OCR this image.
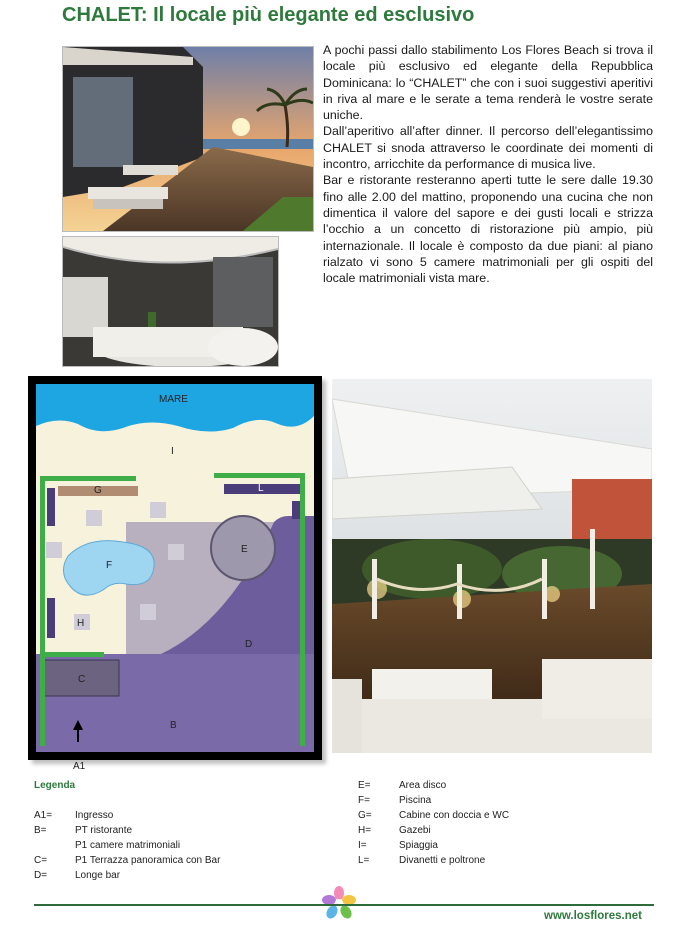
CHALET: Il locale più elegante ed esclusivo

A pochi passi dallo stabilimento Los Flores Beach si trova il locale più esclusivo ed elegante della Repubblica Dominicana: lo “CHALET” che con i suoi suggestivi aperitivi in riva al mare e le serate a tema renderà le vostre serate uniche.

Dall’aperitivo all’after dinner. Il percorso dell’elegantissimo CHALET si snoda attraverso le coordinate dei momenti di incontro, arricchite da performance di musica live.

Bar e ristorante resteranno aperti tutte le sere dalle 19.30 fino alle 2.00 del mattino, proponendo una cucina che non dimentica il valore del sapore e dei gusti locali e strizza l’occhio a un concetto di ristorazione più ampio, più internazionale. Il locale è composto da due piani: al piano rialzato vi sono 5 camere matrimoniali per gli ospiti del locale matrimoniali vista mare.

MARE
I
G	L
E
F
H
D
C
B
A1
Legenda
A1= Ingresso
B=	PT ristorante
P1 camere matrimoniali
C=	P1 Terrazza panoramica con Bar
D=	Longe bar
E=	Area disco
F=	Piscina
G=	Cabine con doccia e WC
H=	Gazebi
I=	Spiaggia
L=	Divanetti e poltrone
www.losflores.net
